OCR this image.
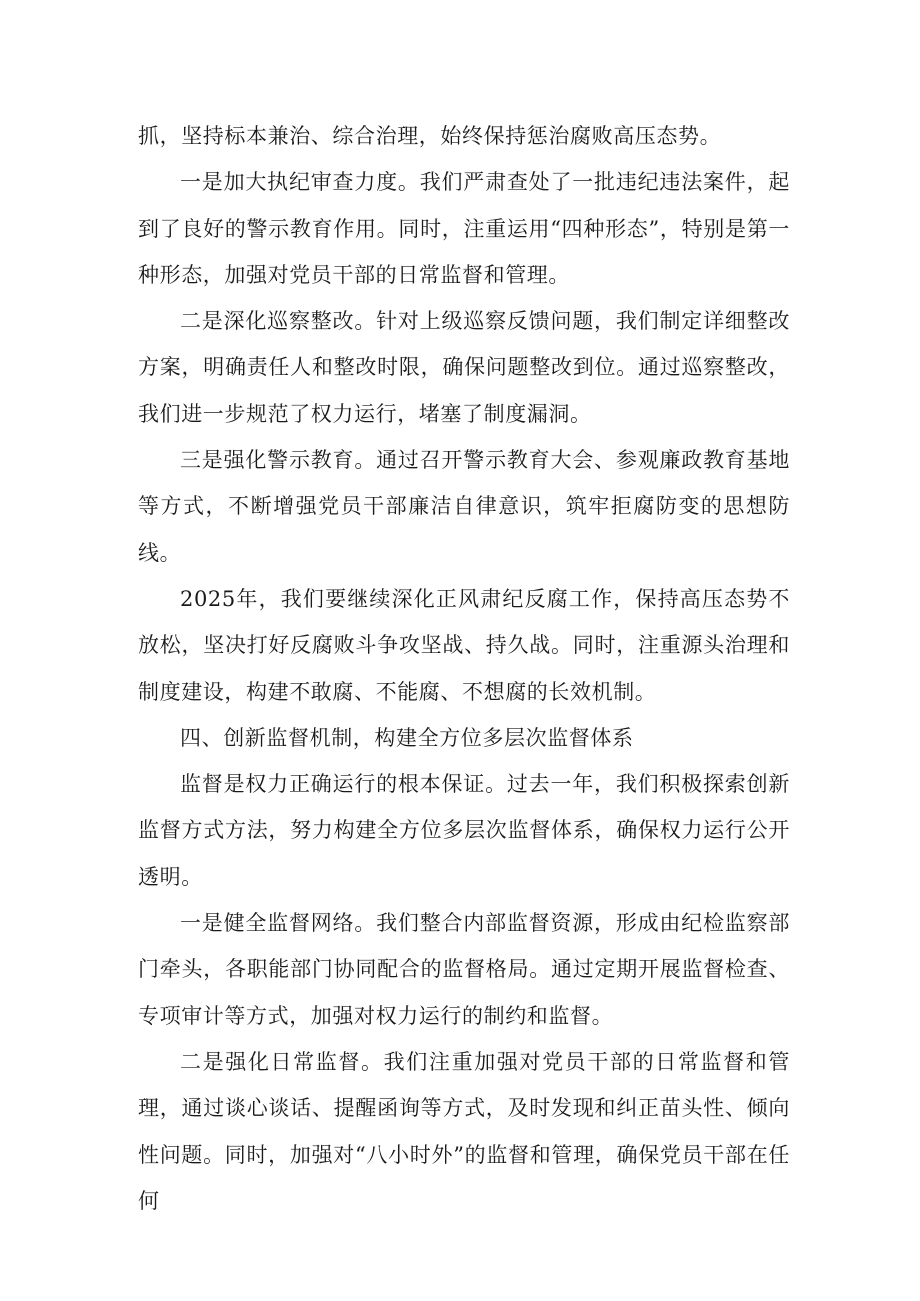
抓，坚持标本兼治、综合治理，始终保持惩治腐败高压态势。

一是加大执纪审查力度。我们严肃查处了一批违纪违法案件，起到了良好的警示教育作用。同时，注重运用“四种形态”，特别是第一种形态，加强对党员干部的日常监督和管理。

二是深化巡察整改。针对上级巡察反馈问题，我们制定详细整改方案，明确责任人和整改时限，确保问题整改到位。通过巡察整改，我们进一步规范了权力运行，堵塞了制度漏洞。

三是强化警示教育。通过召开警示教育大会、参观廉政教育基地等方式，不断增强党员干部廉洁自律意识，筑牢拒腐防变的思想防线。

2025年，我们要继续深化正风肃纪反腐工作，保持高压态势不放松，坚决打好反腐败斗争攻坚战、持久战。同时，注重源头治理和制度建设，构建不敢腐、不能腐、不想腐的长效机制。

四、创新监督机制，构建全方位多层次监督体系

监督是权力正确运行的根本保证。过去一年，我们积极探索创新监督方式方法，努力构建全方位多层次监督体系，确保权力运行公开透明。

一是健全监督网络。我们整合内部监督资源，形成由纪检监察部门牵头，各职能部门协同配合的监督格局。通过定期开展监督检查、专项审计等方式，加强对权力运行的制约和监督。

二是强化日常监督。我们注重加强对党员干部的日常监督和管理，通过谈心谈话、提醒函询等方式，及时发现和纠正苗头性、倾向性问题。同时，加强对“八小时外”的监督和管理，确保党员干部在任何
